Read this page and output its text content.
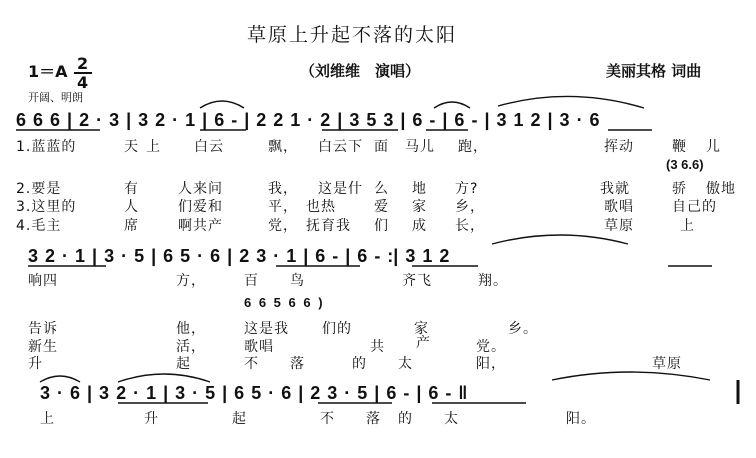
草原上升起不落的太阳
1＝A 2
4
（刘维维　演唱）	美丽其格 词曲
开阔、明朗
6 6 6 | 2 · 3 | 3 2 · 1 | 6 - | 2 2 1 · 2 | 3 5 3 | 6 - | 6 - | 3 1 2 | 3 · 6
1.蓝蓝的	天 上 白云	飘， 白云下 面 马儿 跑，	挥动	鞭 儿
(3 6.6)
2.要是	有	人来问	我， 这是什 么 地 方?	我就	骄 傲地
3.这里的	人	们爱和	平， 也热	爱 家 乡，	歌唱	自己的
4.毛主	席	啊共产	党， 抚育我 们 成 长，	草原	上
3 2 · 1 | 3 · 5 | 6 5 · 6 | 2 3 · 1 | 6 - | 6 - :| 3 1 2
响四	方，	百 鸟	齐飞	翔。
6 6 5 6 6 )
告诉	他，	这是我 们的	家	乡。
新生	活，	歌唱	共 产	党。
升	起	不 落	的 太	阳，	草原
3 · 6 | 3 2 · 1 | 3 · 5 | 6 5 · 6 | 2 3 · 5 | 6 - | 6 - ‖
上	升	起	不 落 的 太	阳。
